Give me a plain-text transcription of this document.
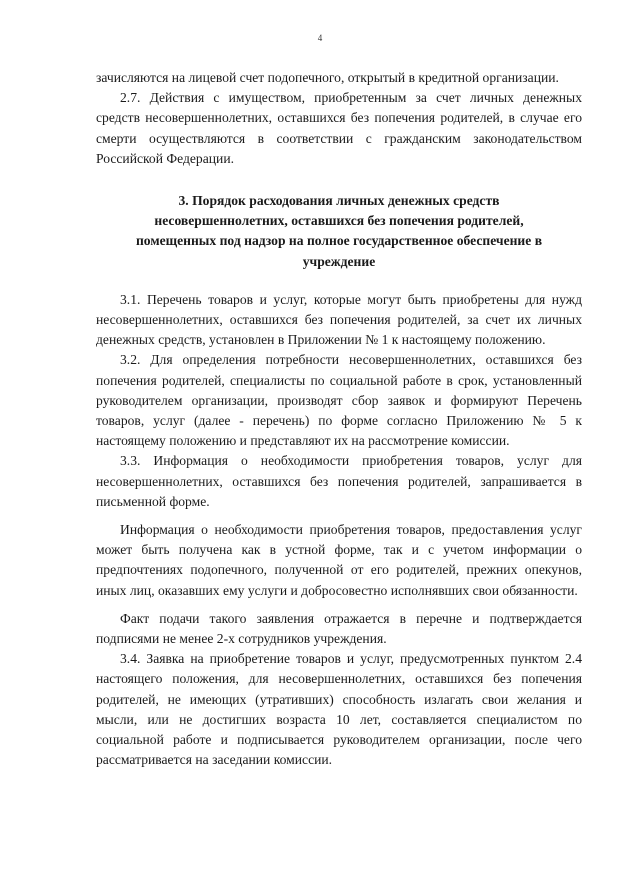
4

зачисляются на лицевой счет подопечного, открытый в кредитной организации.

2.7. Действия с имуществом, приобретенным за счет личных денежных средств несовершеннолетних, оставшихся без попечения родителей, в случае его смерти осуществляются в соответствии с гражданским законодательством Российской Федерации.

3. Порядок расходования личных денежных средств
несовершеннолетних, оставшихся без попечения родителей,
помещенных под надзор на полное государственное обеспечение в
учреждение

3.1. Перечень товаров и услуг, которые могут быть приобретены для нужд несовершеннолетних, оставшихся без попечения родителей, за счет их личных денежных средств, установлен в Приложении № 1 к настоящему положению.

3.2. Для определения потребности несовершеннолетних, оставшихся без попечения родителей, специалисты по социальной работе в срок, установленный руководителем организации, производят сбор заявок и формируют Перечень товаров, услуг (далее - перечень) по форме согласно Приложению № 5 к настоящему положению и представляют их на рассмотрение комиссии.

3.3. Информация о необходимости приобретения товаров, услуг для несовершеннолетних, оставшихся без попечения родителей, запрашивается в письменной форме.

Информация о необходимости приобретения товаров, предоставления услуг может быть получена как в устной форме, так и с учетом информации о предпочтениях подопечного, полученной от его родителей, прежних опекунов, иных лиц, оказавших ему услуги и добросовестно исполнявших свои обязанности.

Факт подачи такого заявления отражается в перечне и подтверждается подписями не менее 2-х сотрудников учреждения.

3.4. Заявка на приобретение товаров и услуг, предусмотренных пунктом 2.4 настоящего положения, для несовершеннолетних, оставшихся без попечения родителей, не имеющих (утративших) способность излагать свои желания и мысли, или не достигших возраста 10 лет, составляется специалистом по социальной работе и подписывается руководителем организации, после чего рассматривается на заседании комиссии.
